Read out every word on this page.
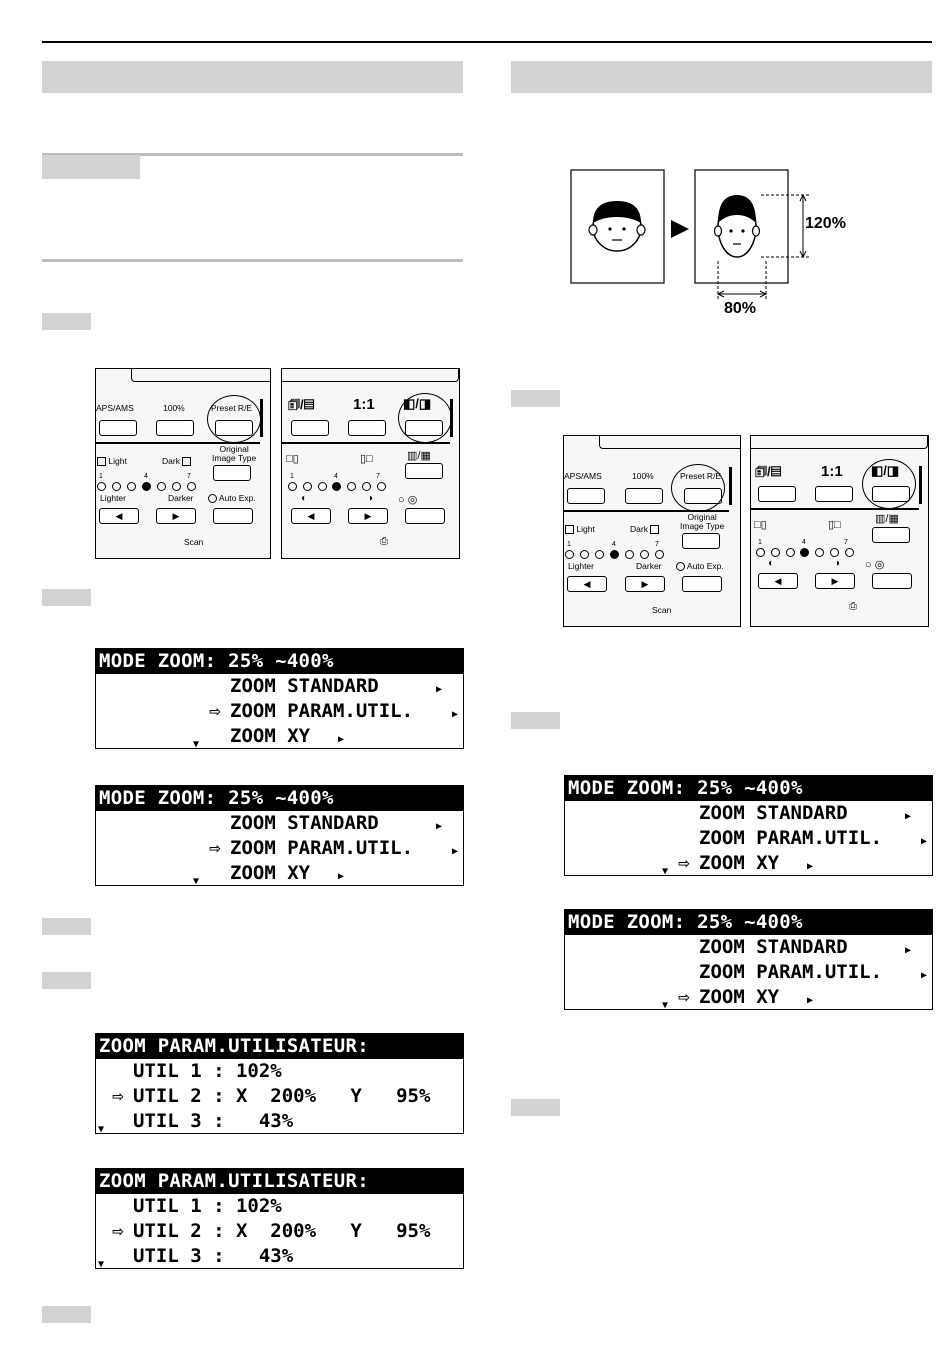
APS/AMS	100%	Preset R/E
Light	Dark
Original
Image Type
1	4	7
Lighter	Darker	Auto Exp.
◀	▶
Scan
🗊/▤	1:1 ◧/◨
□▯	▯□	▥/▦
1	4	7
◖	◗ ○ ◎
◀	▶
⎙
MODE ZOOM: 25% ~400%
ZOOM STANDARD	▶
⇨ ZOOM PARAM.UTIL.	▶
▼ ZOOM XY	▶
MODE ZOOM: 25% ~400%
ZOOM STANDARD	▶
⇨ ZOOM PARAM.UTIL.	▶
▼ ZOOM XY	▶
ZOOM PARAM.UTILISATEUR:
UTIL 1 : 102%
⇨ UTIL 2 : X  200%   Y   95%
▼ UTIL 3 :   43%
ZOOM PARAM.UTILISATEUR:
UTIL 1 : 102%
⇨ UTIL 2 : X  200%   Y   95%
▼ UTIL 3 :   43%
120%
80%
APS/AMS	100%	Preset R/E
Light	Dark
Original
Image Type
1	4	7
Lighter	Darker	Auto Exp.
◀	▶
Scan
🗊/▤	1:1 ◧/◨
□▯	▯□	▥/▦
1	4	7
◖	◗ ○ ◎
◀	▶
⎙
MODE ZOOM: 25% ~400%
ZOOM STANDARD	▶
ZOOM PARAM.UTIL.	▶
▼ ⇨ ZOOM XY	▶
MODE ZOOM: 25% ~400%
ZOOM STANDARD	▶
ZOOM PARAM.UTIL.	▶
▼ ⇨ ZOOM XY	▶
